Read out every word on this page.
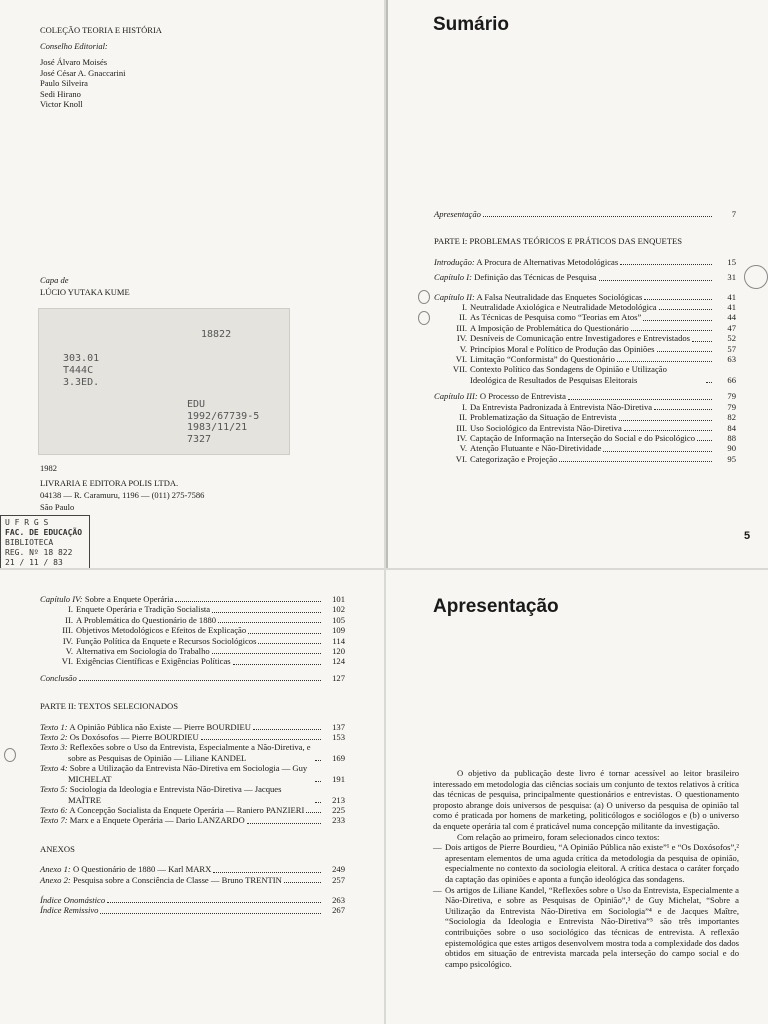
COLEÇÃO TEORIA E HISTÓRIA
Conselho Editorial:
José Álvaro Moisés
José César A. Gnaccarini
Paulo Silveira
Sedi Hirano
Victor Knoll
Capa de
LÚCIO YUTAKA KUME
18822
303.01
T444C
3.3ED.
EDU
1992/67739-5
1983/11/21
7327
1982
LIVRARIA E EDITORA POLIS LTDA.
04138 — R. Caramuru, 1196 — (011) 275-7586
São Paulo
U F R G S
FAC. DE EDUCAÇÃO
BIBLIOTECA
REG. Nº 18 822
21 / 11 / 83
Sumário
Apresentação	7
PARTE I: PROBLEMAS TEÓRICOS E PRÁTICOS DAS ENQUETES
Introdução: A Procura de Alternativas Metodológicas	15
Capítulo I: Definição das Técnicas de Pesquisa	31
Capítulo II: A Falsa Neutralidade das Enquetes Sociológicas	41
I. Neutralidade Axiológica e Neutralidade Metodológica	41
II. As Técnicas de Pesquisa como “Teorias em Atos”	44
III. A Imposição de Problemática do Questionário	47
IV. Desníveis de Comunicação entre Investigadores e Entrevistados	52
V. Princípios Moral e Político de Produção das Opiniões	57
VI. Limitação “Conformista” do Questionário	63
VII. Contexto Político das Sondagens de Opinião e Utilização Ideológica de Resultados de Pesquisas Eleitorais	66
Capítulo III: O Processo de Entrevista	79
I. Da Entrevista Padronizada à Entrevista Não-Diretiva	79
II. Problematização da Situação de Entrevista	82
III. Uso Sociológico da Entrevista Não-Diretiva	84
IV. Captação de Informação na Interseção do Social e do Psicológico	88
V. Atenção Flutuante e Não-Diretividade	90
VI. Categorização e Projeção	95
5
Capítulo IV: Sobre a Enquete Operária	101
I. Enquete Operária e Tradição Socialista	102
II. A Problemática do Questionário de 1880	105
III. Objetivos Metodológicos e Efeitos de Explicação	109
IV. Função Política da Enquete e Recursos Sociológicos	114
V. Alternativa em Sociologia do Trabalho	120
VI. Exigências Científicas e Exigências Políticas	124
Conclusão	127
PARTE II: TEXTOS SELECIONADOS
Texto 1: A Opinião Pública não Existe — Pierre BOURDIEU	137
Texto 2: Os Doxósofos — Pierre BOURDIEU	153
Texto 3: Reflexões sobre o Uso da Entrevista, Especialmente a Não-Diretiva, e sobre as Pesquisas de Opinião — Liliane KANDEL	169
Texto 4: Sobre a Utilização da Entrevista Não-Diretiva em Sociologia — Guy MICHELAT	191
Texto 5: Sociologia da Ideologia e Entrevista Não-Diretiva — Jacques MAÎTRE	213
Texto 6: A Concepção Socialista da Enquete Operária — Raniero PANZIERI	225
Texto 7: Marx e a Enquete Operária — Dario LANZARDO	233
ANEXOS
Anexo 1: O Questionário de 1880 — Karl MARX	249
Anexo 2: Pesquisa sobre a Consciência de Classe — Bruno TRENTIN	257
Índice Onomástico	263
Índice Remissivo	267
Apresentação
O objetivo da publicação deste livro é tornar acessível ao leitor brasileiro interessado em metodologia das ciências sociais um conjunto de textos relativos à crítica das técnicas de pesquisa, principalmente questionários e entrevistas. O questionamento proposto abrange dois universos de pesquisa: (a) O universo da pesquisa de opinião tal como é praticada por homens de marketing, politicólogos e sociólogos e (b) o universo da enquete operária tal com é praticável numa concepção militante da investigação.
Com relação ao primeiro, foram selecionados cinco textos:
— Dois artigos de Pierre Bourdieu, “A Opinião Pública não existe”¹ e “Os Doxósofos”,² apresentam elementos de uma aguda crítica da metodologia da pesquisa de opinião, especialmente no contexto da sociologia eleitoral. A crítica destaca o caráter forçado da captação das opiniões e aponta a função ideológica das sondagens.
— Os artigos de Liliane Kandel, “Reflexões sobre o Uso da Entrevista, Especialmente a Não-Diretiva, e sobre as Pesquisas de Opinião”,³ de Guy Michelat, “Sobre a Utilização da Entrevista Não-Diretiva em Sociologia”⁴ e de Jacques Maître, “Sociologia da Ideologia e Entrevista Não-Diretiva”⁵ são três importantes contribuições sobre o uso sociológico das técnicas de entrevista. A reflexão epistemológica que estes artigos desenvolvem mostra toda a complexidade dos dados obtidos em situação de entrevista marcada pela interseção do campo social e do campo psicológico.
